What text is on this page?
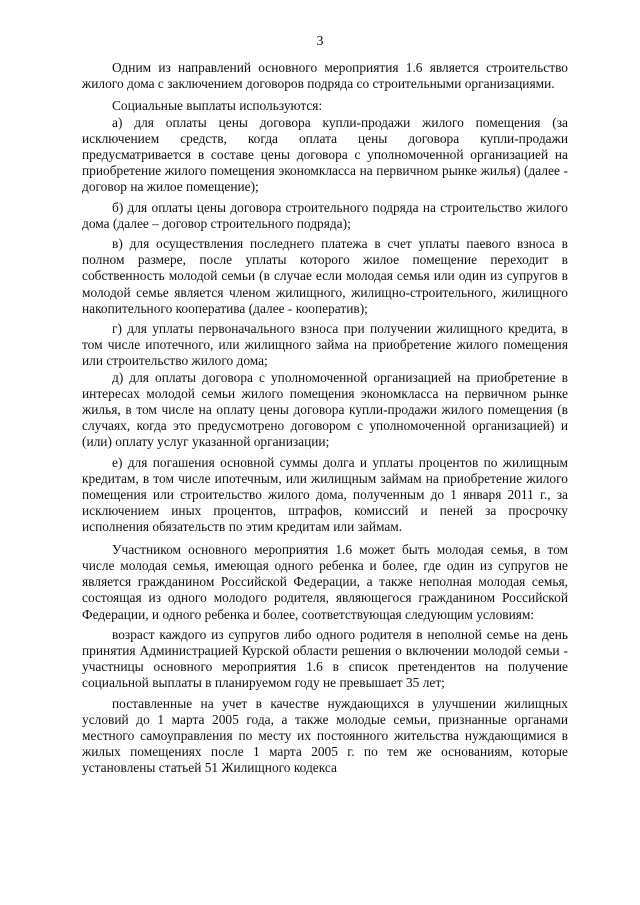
3

Одним из направлений основного мероприятия 1.6 является строительство жилого дома с заключением договоров подряда со строительными организациями.

Социальные выплаты используются:

а) для оплаты цены договора купли-продажи жилого помещения (за исключением средств, когда оплата цены договора купли-продажи предусматривается в составе цены договора с уполномоченной организацией на приобретение жилого помещения экономкласса на первичном рынке жилья) (далее - договор на жилое помещение);

б) для оплаты цены договора строительного подряда на строительство жилого дома (далее – договор строительного подряда);

в) для осуществления последнего платежа в счет уплаты паевого взноса в полном размере, после уплаты которого жилое помещение переходит в собственность молодой семьи (в случае если молодая семья или один из супругов в молодой семье является членом жилищного, жилищно-строительного, жилищного накопительного кооператива (далее - кооператив);

г) для уплаты первоначального взноса при получении жилищного кредита, в том числе ипотечного, или жилищного займа на приобретение жилого помещения или строительство жилого дома;

д) для оплаты договора с уполномоченной организацией на приобретение в интересах молодой семьи жилого помещения экономкласса на первичном рынке жилья, в том числе на оплату цены договора купли-продажи жилого помещения (в случаях, когда это предусмотрено договором с уполномоченной организацией) и (или) оплату услуг указанной организации;

е) для погашения основной суммы долга и уплаты процентов по жилищным кредитам, в том числе ипотечным, или жилищным займам на приобретение жилого помещения или строительство жилого дома, полученным до 1 января 2011 г., за исключением иных процентов, штрафов, комиссий и пеней за просрочку исполнения обязательств по этим кредитам или займам.

Участником основного мероприятия 1.6 может быть молодая семья, в том числе молодая семья, имеющая одного ребенка и более, где один из супругов не является гражданином Российской Федерации, а также неполная молодая семья, состоящая из одного молодого родителя, являющегося гражданином Российской Федерации, и одного ребенка и более, соответствующая следующим условиям:

возраст каждого из супругов либо одного родителя в неполной семье на день принятия Администрацией Курской области решения о включении молодой семьи - участницы основного мероприятия 1.6 в список претендентов на получение социальной выплаты в планируемом году не превышает 35 лет;

поставленные на учет в качестве нуждающихся в улучшении жилищных условий до 1 марта 2005 года, а также молодые семьи, признанные органами местного самоуправления по месту их постоянного жительства нуждающимися в жилых помещениях после 1 марта 2005 г. по тем же основаниям, которые установлены статьей 51 Жилищного кодекса
